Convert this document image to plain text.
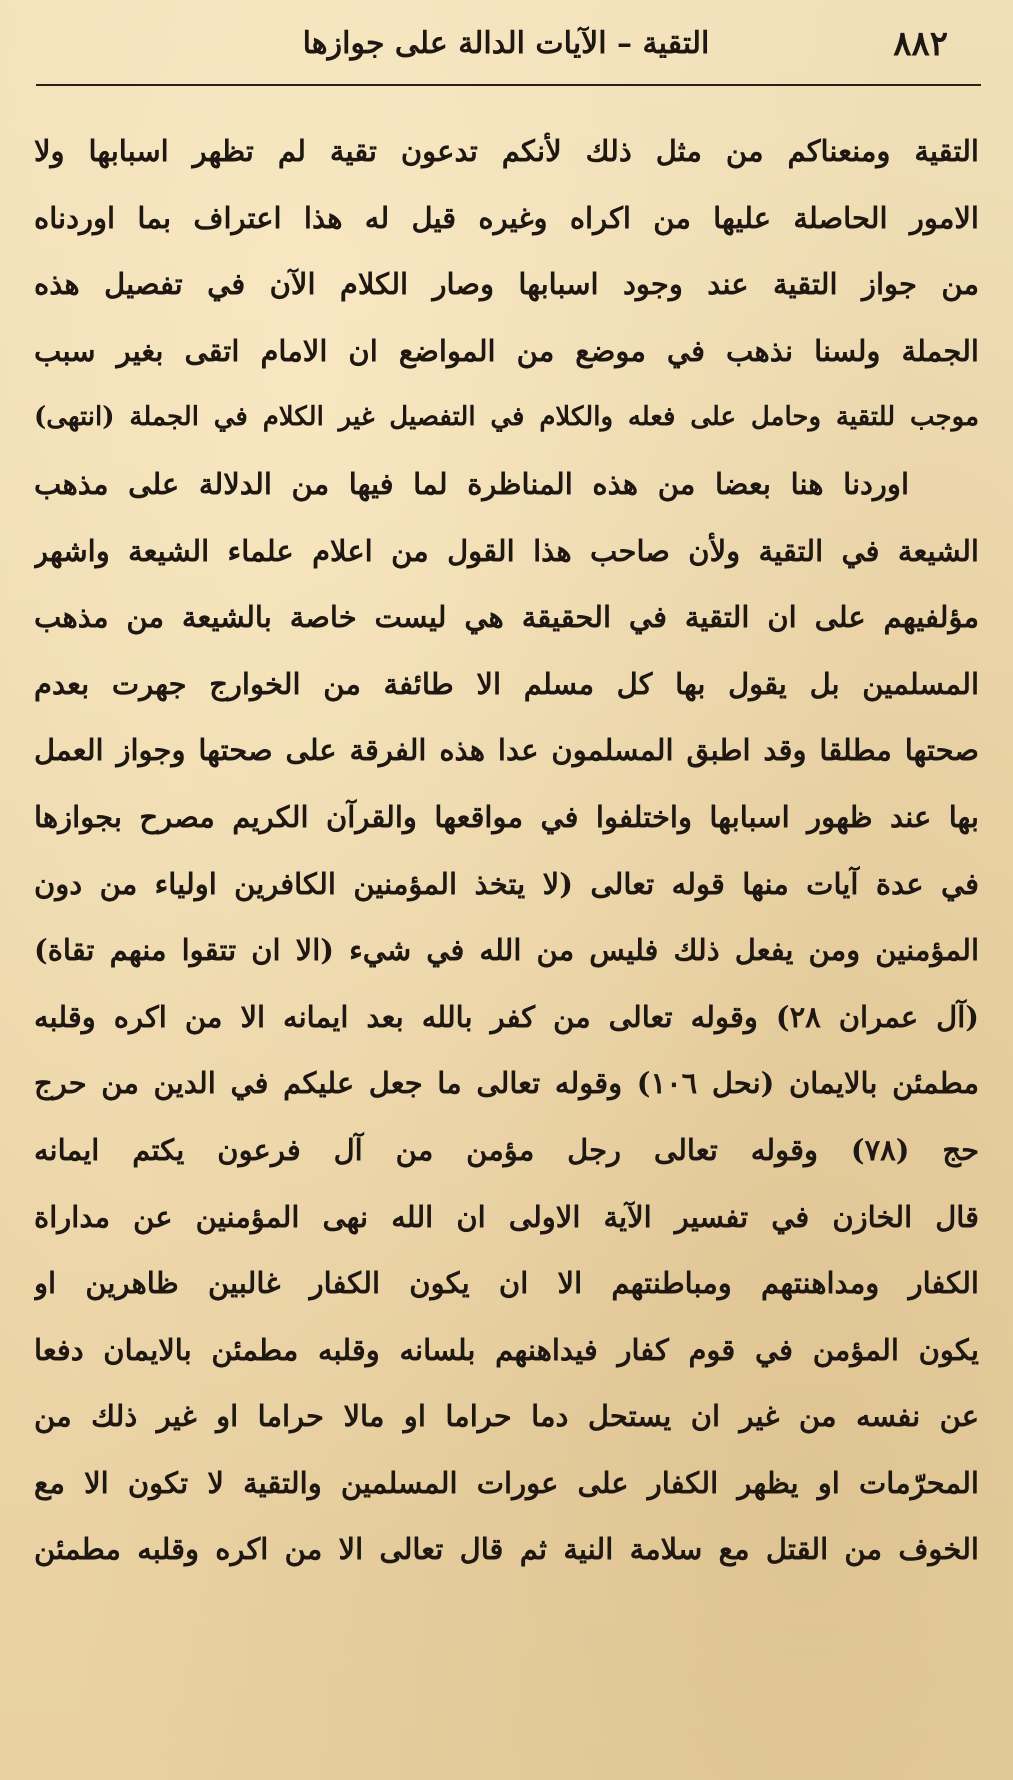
٨٨٢
التقية – الآيات الدالة على جوازها
التقية ومنعناكم من مثل ذلك لأنكم تدعون تقية لم تظهر اسبابها ولا
الامور الحاصلة عليها من اكراه وغيره قيل له هذا اعتراف بما اوردناه
من جواز التقية عند وجود اسبابها وصار الكلام الآن في تفصيل هذه
الجملة ولسنا نذهب في موضع من المواضع ان الامام اتقى بغير سبب
موجب للتقية وحامل على فعله والكلام في التفصيل غير الكلام في الجملة (انتهى)
اوردنا هنا بعضا من هذه المناظرة لما فيها من الدلالة على مذهب
الشيعة في التقية ولأن صاحب هذا القول من اعلام علماء الشيعة واشهر
مؤلفيهم على ان التقية في الحقيقة هي ليست خاصة بالشيعة من مذهب
المسلمين بل يقول بها كل مسلم الا طائفة من الخوارج جهرت بعدم
صحتها مطلقا وقد اطبق المسلمون عدا هذه الفرقة على صحتها وجواز العمل
بها عند ظهور اسبابها واختلفوا في مواقعها والقرآن الكريم مصرح بجوازها
في عدة آيات منها قوله تعالى (لا يتخذ المؤمنين الكافرين اولياء من دون
المؤمنين ومن يفعل ذلك فليس من الله في شيء (الا ان تتقوا منهم تقاة)
(آل عمران ٢٨) وقوله تعالى من كفر بالله بعد ايمانه الا من اكره وقلبه
مطمئن بالايمان (نحل ١٠٦) وقوله تعالى ما جعل عليكم في الدين من حرج
حج (٧٨) وقوله تعالى رجل مؤمن من آل فرعون يكتم ايمانه
قال الخازن في تفسير الآية الاولى ان الله نهى المؤمنين عن مداراة
الكفار ومداهنتهم ومباطنتهم الا ان يكون الكفار غالبين ظاهرين او
يكون المؤمن في قوم كفار فيداهنهم بلسانه وقلبه مطمئن بالايمان دفعا
عن نفسه من غير ان يستحل دما حراما او مالا حراما او غير ذلك من
المحرّمات او يظهر الكفار على عورات المسلمين والتقية لا تكون الا مع
الخوف من القتل مع سلامة النية ثم قال تعالى الا من اكره وقلبه مطمئن
